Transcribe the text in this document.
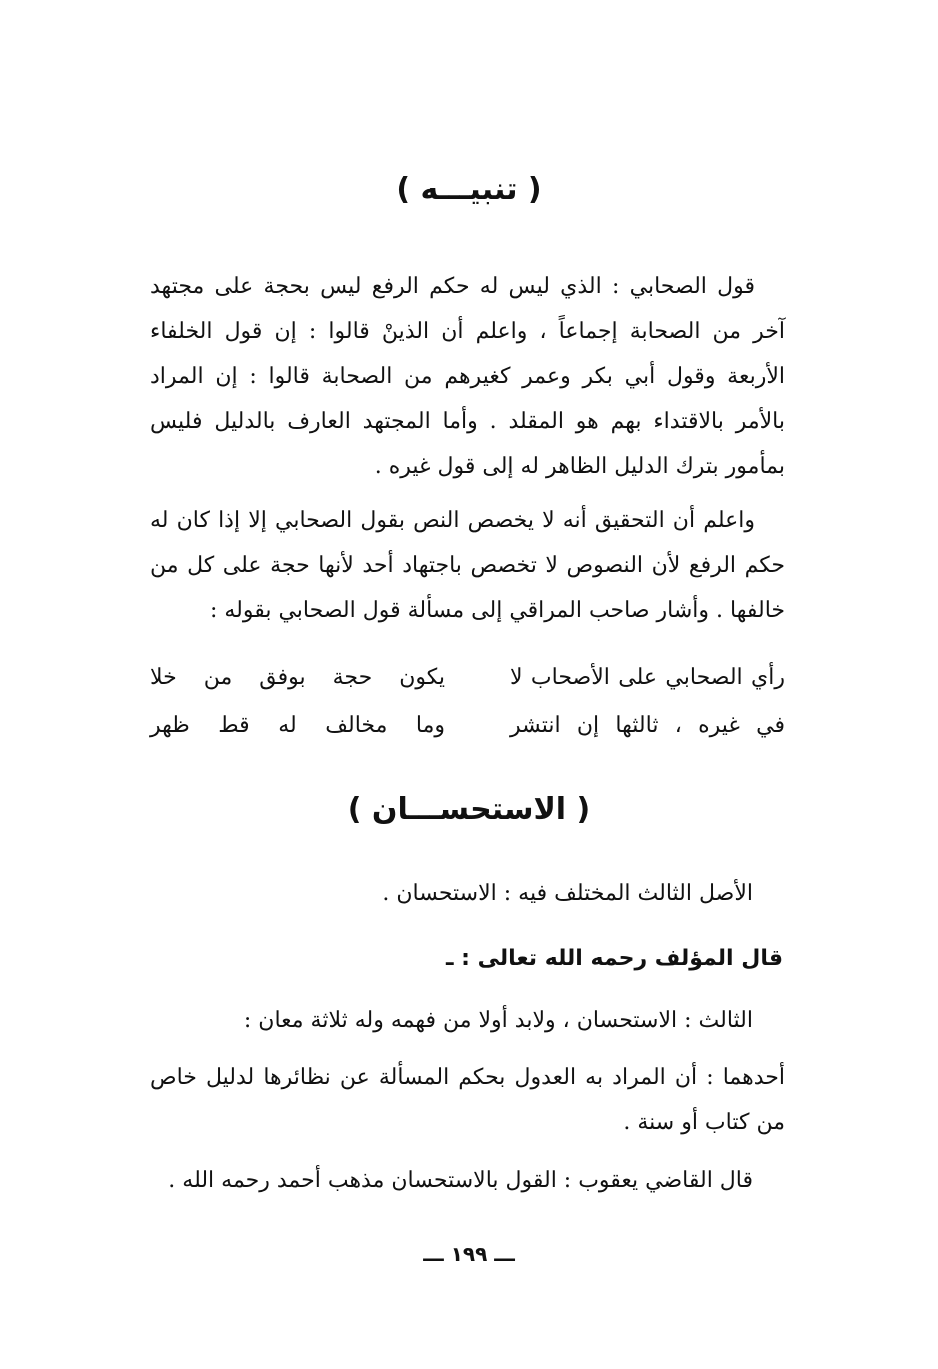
( تنبيـــه )
قول الصحابي : الذي ليس له حكم الرفع ليس بحجة على مجتهد آخر من الصحابة إجماعاً ، واعلم أن الذينْ قالوا : إن قول الخلفاء الأربعة وقول أبي بكر وعمر كغيرهم من الصحابة قالوا : إن المراد بالأمر بالاقتداء بهم هو المقلد . وأما المجتهد العارف بالدليل فليس بمأمور بترك الدليل الظاهر له إلى قول غيره .
واعلم أن التحقيق أنه لا يخصص النص بقول الصحابي إلا إذا كان له حكم الرفع لأن النصوص لا تخصص باجتهاد أحد لأنها حجة على كل من خالفها . وأشار صاحب المراقي إلى مسألة قول الصحابي بقوله :
رأي الصحابي على الأصحاب لا
يكون حجة بوفق من خلا
في غيره ، ثالثها إن انتشر
وما مخالف له قط ظهر
( الاستحســـان )
الأصل الثالث المختلف فيه : الاستحسان .
قال المؤلف رحمه الله تعالى : ـ
الثالث : الاستحسان ، ولابد أولا من فهمه وله ثلاثة معان :
أحدهما : أن المراد به العدول بحكم المسألة عن نظائرها لدليل خاص من كتاب أو سنة .
قال القاضي يعقوب : القول بالاستحسان مذهب أحمد رحمه الله .
ـــ ١٩٩ ـــ
